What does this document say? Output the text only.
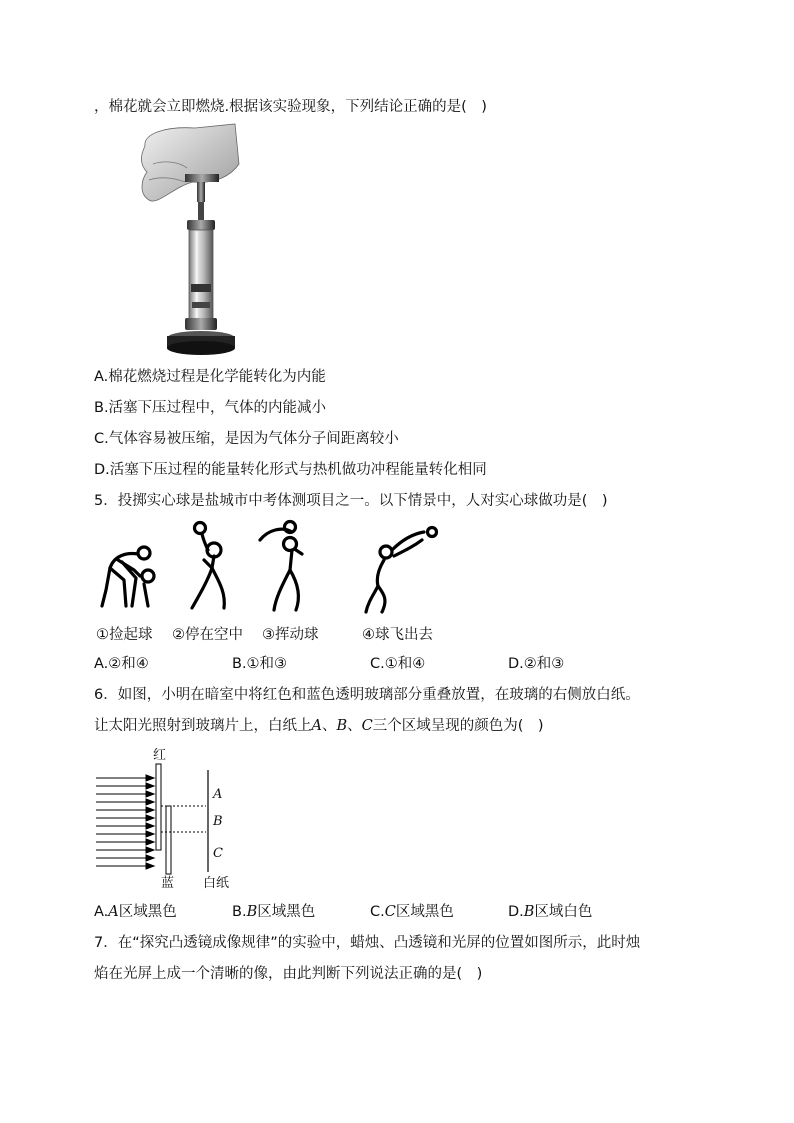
，棉花就会立即燃烧.根据该实验现象，下列结论正确的是(　)
A.棉花燃烧过程是化学能转化为内能
B.活塞下压过程中，气体的内能减小
C.气体容易被压缩，是因为气体分子间距离较小
D.活塞下压过程的能量转化形式与热机做功冲程能量转化相同
5．投掷实心球是盐城市中考体测项目之一。以下情景中，人对实心球做功是(　)
①捡起球 ②停在空中 ③挥动球	④球飞出去
A.②和④	B.①和③	C.①和④	D.②和③
6．如图，小明在暗室中将红色和蓝色透明玻璃部分重叠放置，在玻璃的右侧放白纸。
让太阳光照射到玻璃片上，白纸上A、B、C三个区域呈现的颜色为(　)
红
蓝 白纸
A
B
C
A.A区域黑色	B.B区域黑色	C.C区域黑色	D.B区域白色
7．在“探究凸透镜成像规律”的实验中，蜡烛、凸透镜和光屏的位置如图所示，此时烛
焰在光屏上成一个清晰的像，由此判断下列说法正确的是(　)
